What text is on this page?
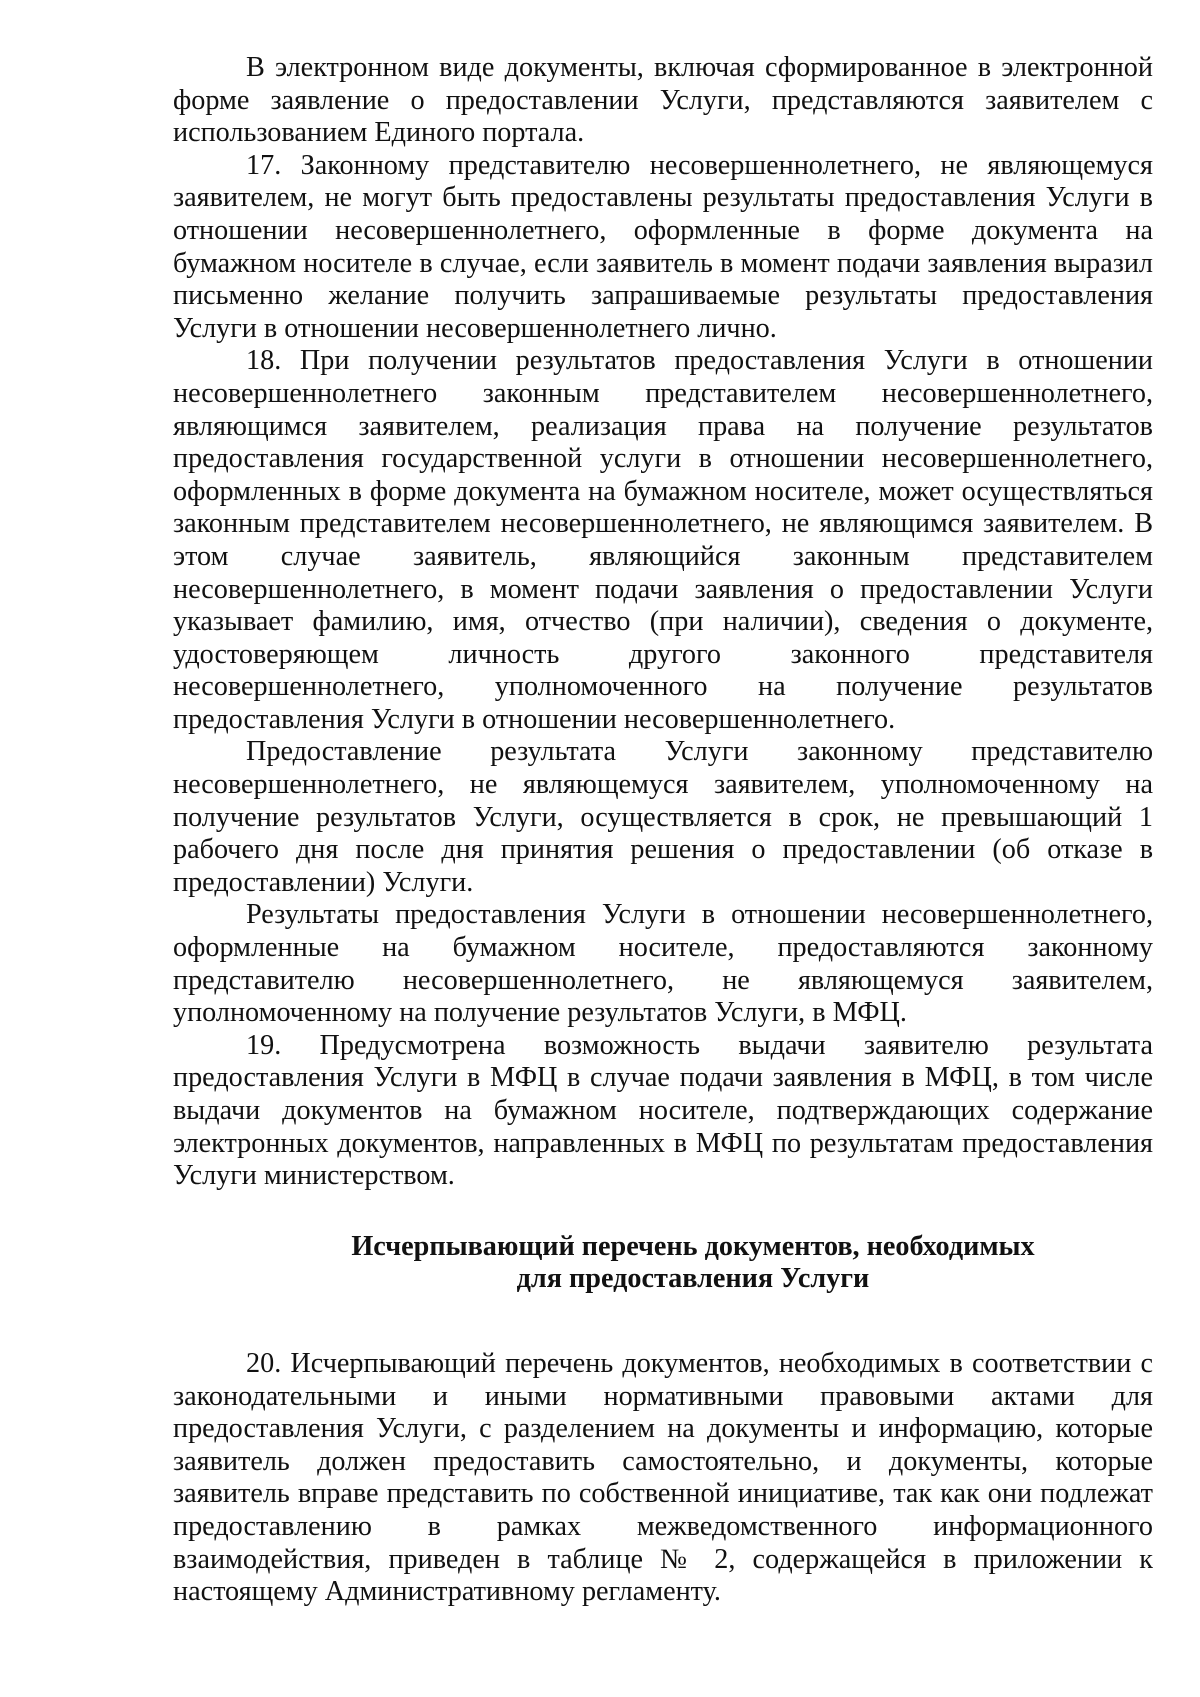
В электронном виде документы, включая сформированное в электронной форме заявление о предоставлении Услуги, представляются заявителем с использованием Единого портала.

17. Законному представителю несовершеннолетнего, не являющемуся заявителем, не могут быть предоставлены результаты предоставления Услуги в отношении несовершеннолетнего, оформленные в форме документа на бумажном носителе в случае, если заявитель в момент подачи заявления выразил письменно желание получить запрашиваемые результаты предоставления Услуги в отношении несовершеннолетнего лично.

18. При получении результатов предоставления Услуги в отношении несовершеннолетнего законным представителем несовершеннолетнего, являющимся заявителем, реализация права на получение результатов предоставления государственной услуги в отношении несовершеннолетнего, оформленных в форме документа на бумажном носителе, может осуществляться законным представителем несовершеннолетнего, не являющимся заявителем. В этом случае заявитель, являющийся законным представителем несовершеннолетнего, в момент подачи заявления о предоставлении Услуги указывает фамилию, имя, отчество (при наличии), сведения о документе, удостоверяющем личность другого законного представителя несовершеннолетнего, уполномоченного на получение результатов предоставления Услуги в отношении несовершеннолетнего.

Предоставление результата Услуги законному представителю несовершеннолетнего, не являющемуся заявителем, уполномоченному на получение результатов Услуги, осуществляется в срок, не превышающий 1 рабочего дня после дня принятия решения о предоставлении (об отказе в предоставлении) Услуги.

Результаты предоставления Услуги в отношении несовершеннолетнего, оформленные на бумажном носителе, предоставляются законному представителю несовершеннолетнего, не являющемуся заявителем, уполномоченному на получение результатов Услуги, в МФЦ.

19. Предусмотрена возможность выдачи заявителю результата предоставления Услуги в МФЦ в случае подачи заявления в МФЦ, в том числе выдачи документов на бумажном носителе, подтверждающих содержание электронных документов, направленных в МФЦ по результатам предоставления Услуги министерством.

Исчерпывающий перечень документов, необходимых
для предоставления Услуги

20. Исчерпывающий перечень документов, необходимых в соответствии с законодательными и иными нормативными правовыми актами для предоставления Услуги, с разделением на документы и информацию, которые заявитель должен предоставить самостоятельно, и документы, которые заявитель вправе представить по собственной инициативе, так как они подлежат предоставлению в рамках межведомственного информационного взаимодействия, приведен в таблице № 2, содержащейся в приложении к настоящему Административному регламенту.
